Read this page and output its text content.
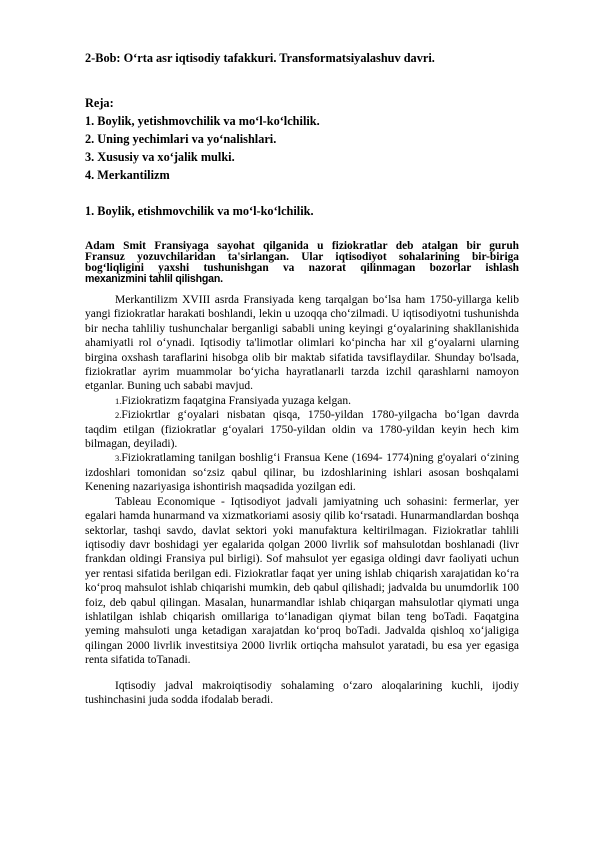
2-Bob: O‘rta asr iqtisodiy tafakkuri. Transformatsiyalashuv davri.

Reja:
1. Boylik, yetishmovchilik va mo‘l-ko‘lchilik.
2. Uning yechimlari va yo‘nalishlari.
3. Xususiy va xo‘jalik mulki.
4. Merkantilizm
1. Boylik, etishmovchilik va mo‘l-ko‘lchilik.
Adam Smit Fransiyaga sayohat qilganida u fiziokratlar deb atalgan bir guruh
Fransuz yozuvchilaridan ta'sirlangan. Ular iqtisodiyot sohalarining bir-biriga
bog‘liqligini yaxshi tushunishgan va nazorat qilinmagan bozorlar ishlash
mexanizmini tahlil qilishgan.

Merkantilizm XVIII asrda Fransiyada keng tarqalgan bo‘lsa ham 1750-yillarga kelib yangi fiziokratlar harakati boshlandi, lekin u uzoqqa cho‘zilmadi. U iqtisodiyotni tushunishda bir necha tahliliy tushunchalar berganligi sababli uning keyingi g‘oyalarining shakllanishida ahamiyatli rol o‘ynadi. Iqtisodiy ta'limotlar olimlari ko‘pincha har xil g‘oyalarni ularning birgina oxshash taraflarini hisobga olib bir maktab sifatida tavsiflaydilar. Shunday bo'lsada, fiziokratlar ayrim muammolar bo‘yicha hayratlanarli tarzda izchil qarashlarni namoyon etganlar. Buning uch sababi mavjud.

1.Fiziokratizm faqatgina Fransiyada yuzaga kelgan.

2.Fiziokrtlar g‘oyalari nisbatan qisqa, 1750-yildan 1780-yilgacha bo‘lgan davrda taqdim etilgan (fiziokratlar g‘oyalari 1750-yildan oldin va 1780-yildan keyin hech kim bilmagan, deyiladi).

3.Fiziokratlaming tanilgan boshlig‘i Fransua Kene (1694- 1774)ning g'oyalari o‘zining izdoshlari tomonidan so‘zsiz qabul qilinar, bu izdoshlarining ishlari asosan boshqalami Kenening nazariyasiga ishontirish maqsadida yozilgan edi.

Tableau Economique - Iqtisodiyot jadvali jamiyatning uch sohasini: fermerlar, yer egalari hamda hunarmand va xizmatkoriami asosiy qilib ko‘rsatadi. Hunarmandlardan boshqa sektorlar, tashqi savdo, davlat sektori yoki manufaktura keltirilmagan. Fiziokratlar tahlili iqtisodiy davr boshidagi yer egalarida qolgan 2000 livrlik sof mahsulotdan boshlanadi (livr frankdan oldingi Fransiya pul birligi). Sof mahsulot yer egasiga oldingi davr faoliyati uchun yer rentasi sifatida berilgan edi. Fiziokratlar faqat yer uning ishlab chiqarish xarajatidan ko‘ra ko‘proq mahsulot ishlab chiqarishi mumkin, deb qabul qilishadi; jadvalda bu unumdorlik 100 foiz, deb qabul qilingan. Masalan, hunarmandlar ishlab chiqargan mahsulotlar qiymati unga ishlatilgan ishlab chiqarish omillariga to‘lanadigan qiymat bilan teng boTadi. Faqatgina yeming mahsuloti unga ketadigan xarajatdan ko‘proq boTadi. Jadvalda qishloq xo‘jaligiga qilingan 2000 livrlik investitsiya 2000 livrlik ortiqcha mahsulot yaratadi, bu esa yer egasiga renta sifatida toTanadi.

Iqtisodiy jadval makroiqtisodiy sohalaming o‘zaro aloqalarining kuchli, ijodiy tushinchasini juda sodda ifodalab beradi.
